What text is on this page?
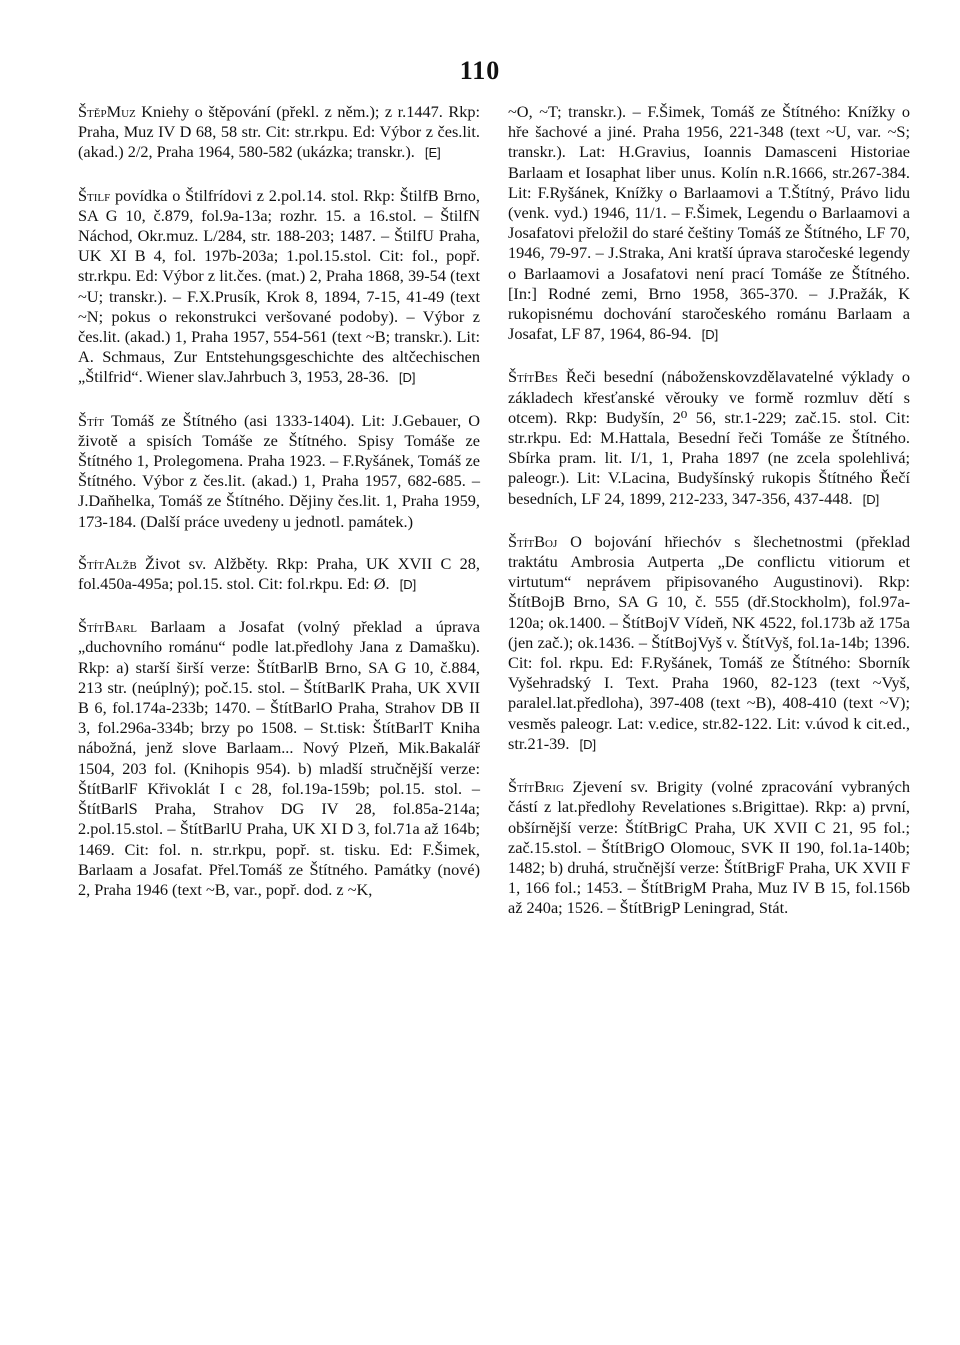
110

ŠtěpMuz Kniehy o štěpování (překl. z něm.); z r.1447. Rkp: Praha, Muz IV D 68, 58 str. Cit: str.rkpu. Ed: Výbor z čes.lit. (akad.) 2/2, Praha 1964, 580-582 (ukázka; transkr.). [E]

Štilf povídka o Štilfrídovi z 2.pol.14. stol. Rkp: ŠtilfB Brno, SA G 10, č.879, fol.9a-13a; rozhr. 15. a 16.stol. – ŠtilfN Náchod, Okr.muz. L/284, str. 188-203; 1487. – ŠtilfU Praha, UK XI B 4, fol. 197b-203a; 1.pol.15.stol. Cit: fol., popř. str.rkpu. Ed: Výbor z lit.čes. (mat.) 2, Praha 1868, 39-54 (text ~U; transkr.). – F.X.Prusík, Krok 8, 1894, 7-15, 41-49 (text ~N; pokus o rekonstrukci veršované podoby). – Výbor z čes.lit. (akad.) 1, Praha 1957, 554-561 (text ~B; transkr.). Lit: A. Schmaus, Zur Entstehungsgeschichte des altčechischen „Štilfrid“. Wiener slav.Jahrbuch 3, 1953, 28-36. [D]

Štít Tomáš ze Štítného (asi 1333-1404). Lit: J.Gebauer, O životě a spisích Tomáše ze Štítného. Spisy Tomáše ze Štítného 1, Prolegomena. Praha 1923. – F.Ryšánek, Tomáš ze Štítného. Výbor z čes.lit. (akad.) 1, Praha 1957, 682-685. – J.Daňhelka, Tomáš ze Štítného. Dějiny čes.lit. 1, Praha 1959, 173-184. (Další práce uvedeny u jednotl. památek.)

ŠtítAlžb Život sv. Alžběty. Rkp: Praha, UK XVII C 28, fol.450a-495a; pol.15. stol. Cit: fol.rkpu. Ed: Ø. [D]

ŠtítBarl Barlaam a Josafat (volný překlad a úprava „duchovního románu“ podle lat.předlohy Jana z Damašku). Rkp: a) starší širší verze: ŠtítBarlB Brno, SA G 10, č.884, 213 str. (neúplný); poč.15. stol. – ŠtítBarlK Praha, UK XVII B 6, fol.174a-233b; 1470. – ŠtítBarlO Praha, Strahov DB II 3, fol.296a-334b; brzy po 1508. – St.tisk: ŠtítBarlT Kniha nábožná, jenž slove Barlaam... Nový Plzeň, Mik.Bakalář 1504, 203 fol. (Knihopis 954). b) mladší stručnější verze: ŠtítBarlF Křivoklát I c 28, fol.19a-159b; pol.15. stol. – ŠtítBarlS Praha, Strahov DG IV 28, fol.85a-214a; 2.pol.15.stol. – ŠtítBarlU Praha, UK XI D 3, fol.71a až 164b; 1469. Cit: fol. n. str.rkpu, popř. st. tisku. Ed: F.Šimek, Barlaam a Josafat. Přel.Tomáš ze Štítného. Památky (nové) 2, Praha 1946 (text ~B, var., popř. dod. z ~K,

~O, ~T; transkr.). – F.Šimek, Tomáš ze Štítného: Knížky o hře šachové a jiné. Praha 1956, 221-348 (text ~U, var. ~S; transkr.). Lat: H.Gravius, Ioannis Damasceni Historiae Barlaam et Iosaphat liber unus. Kolín n.R.1666, str.267-384. Lit: F.Ryšánek, Knížky o Barlaamovi a T.Štítný, Právo lidu (venk. vyd.) 1946, 11/1. – F.Šimek, Legendu o Barlaamovi a Josafatovi přeložil do staré češtiny Tomáš ze Štítného, LF 70, 1946, 79-97. – J.Straka, Ani kratší úprava staročeské legendy o Barlaamovi a Josafatovi není prací Tomáše ze Štítného. [In:] Rodné zemi, Brno 1958, 365-370. – J.Pražák, K rukopisnému dochování staročeského románu Barlaam a Josafat, LF 87, 1964, 86-94. [D]

ŠtítBes Řeči besední (náboženskovzdělavatelné výklady o základech křesťanské věrouky ve formě rozmluv dětí s otcem). Rkp: Budyšín, 2⁰ 56, str.1-229; zač.15. stol. Cit: str.rkpu. Ed: M.Hattala, Besední řeči Tomáše ze Štítného. Sbírka pram. lit. I/1, 1, Praha 1897 (ne zcela spolehlivá; paleogr.). Lit: V.Lacina, Budyšínský rukopis Štítného Řečí besedních, LF 24, 1899, 212-233, 347-356, 437-448. [D]

ŠtítBoj O bojování hřiechóv s šlechetnostmi (překlad traktátu Ambrosia Autperta „De conflictu vitiorum et virtutum“ neprávem připisovaného Augustinovi). Rkp: ŠtítBojB Brno, SA G 10, č. 555 (dř.Stockholm), fol.97a-120a; ok.1400. – ŠtítBojV Vídeň, NK 4522, fol.173b až 175a (jen zač.); ok.1436. – ŠtítBojVyš v. ŠtítVyš, fol.1a-14b; 1396. Cit: fol. rkpu. Ed: F.Ryšánek, Tomáš ze Štítného: Sborník Vyšehradský I. Text. Praha 1960, 82-123 (text ~Vyš, paralel.lat.předloha), 397-408 (text ~B), 408-410 (text ~V); vesměs paleogr. Lat: v.edice, str.82-122. Lit: v.úvod k cit.ed., str.21-39. [D]

ŠtítBrig Zjevení sv. Brigity (volné zpracování vybraných částí z lat.předlohy Revelationes s.Brigittae). Rkp: a) první, obšírnější verze: ŠtítBrigC Praha, UK XVII C 21, 95 fol.; zač.15.stol. – ŠtítBrigO Olomouc, SVK II 190, fol.1a-140b; 1482; b) druhá, stručnější verze: ŠtítBrigF Praha, UK XVII F 1, 166 fol.; 1453. – ŠtítBrigM Praha, Muz IV B 15, fol.156b až 240a; 1526. – ŠtítBrigP Leningrad, Stát.
